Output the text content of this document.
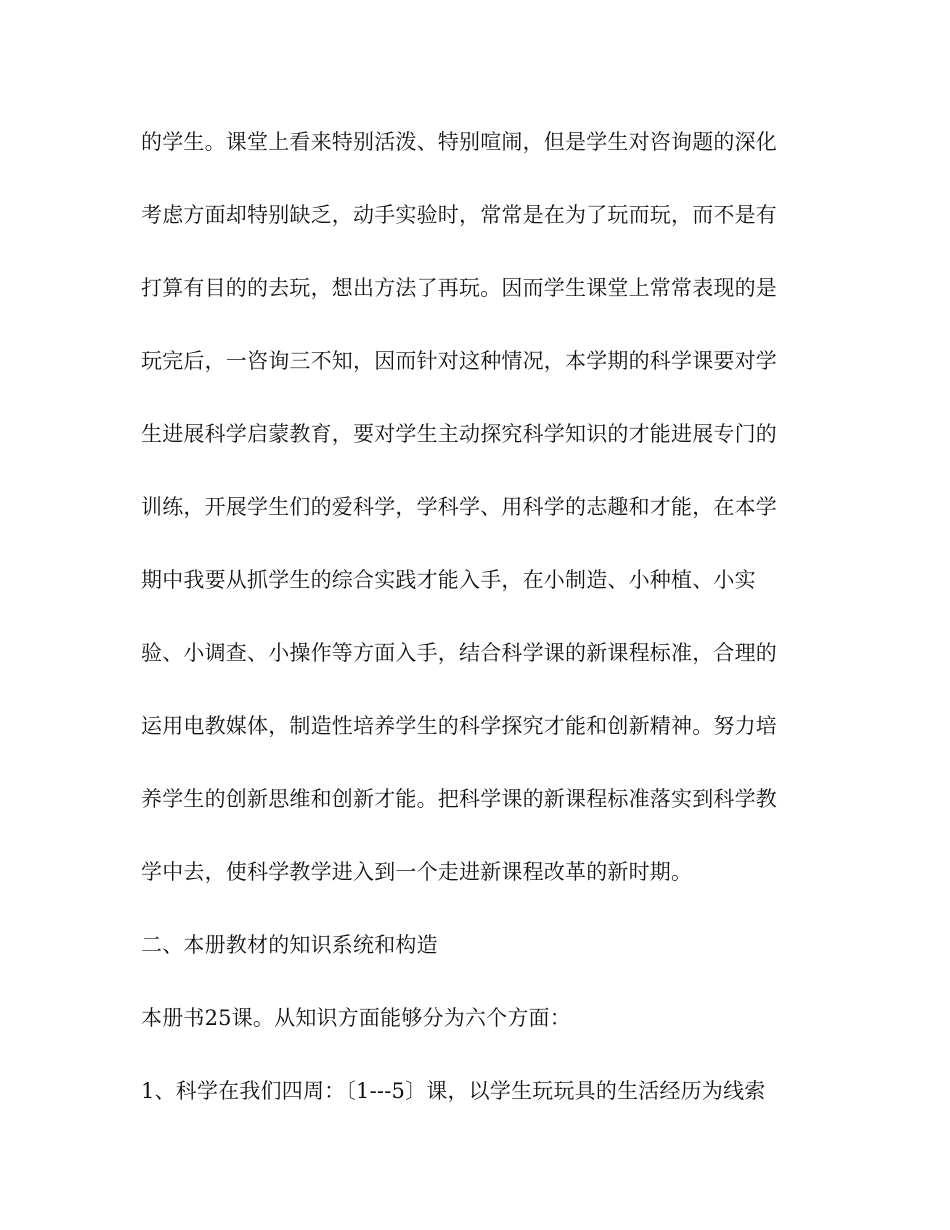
的学生。课堂上看来特别活泼、特别喧闹，但是学生对咨询题的深化

考虑方面却特别缺乏，动手实验时，常常是在为了玩而玩，而不是有

打算有目的的去玩，想出方法了再玩。因而学生课堂上常常表现的是

玩完后，一咨询三不知，因而针对这种情况，本学期的科学课要对学

生进展科学启蒙教育，要对学生主动探究科学知识的才能进展专门的

训练，开展学生们的爱科学，学科学、用科学的志趣和才能，在本学

期中我要从抓学生的综合实践才能入手，在小制造、小种植、小实

验、小调查、小操作等方面入手，结合科学课的新课程标准，合理的

运用电教媒体，制造性培养学生的科学探究才能和创新精神。努力培

养学生的创新思维和创新才能。把科学课的新课程标准落实到科学教

学中去，使科学教学进入到一个走进新课程改革的新时期。

二、本册教材的知识系统和构造

本册书25课。从知识方面能够分为六个方面：

1、科学在我们四周：〔1---5〕课，以学生玩玩具的生活经历为线索
